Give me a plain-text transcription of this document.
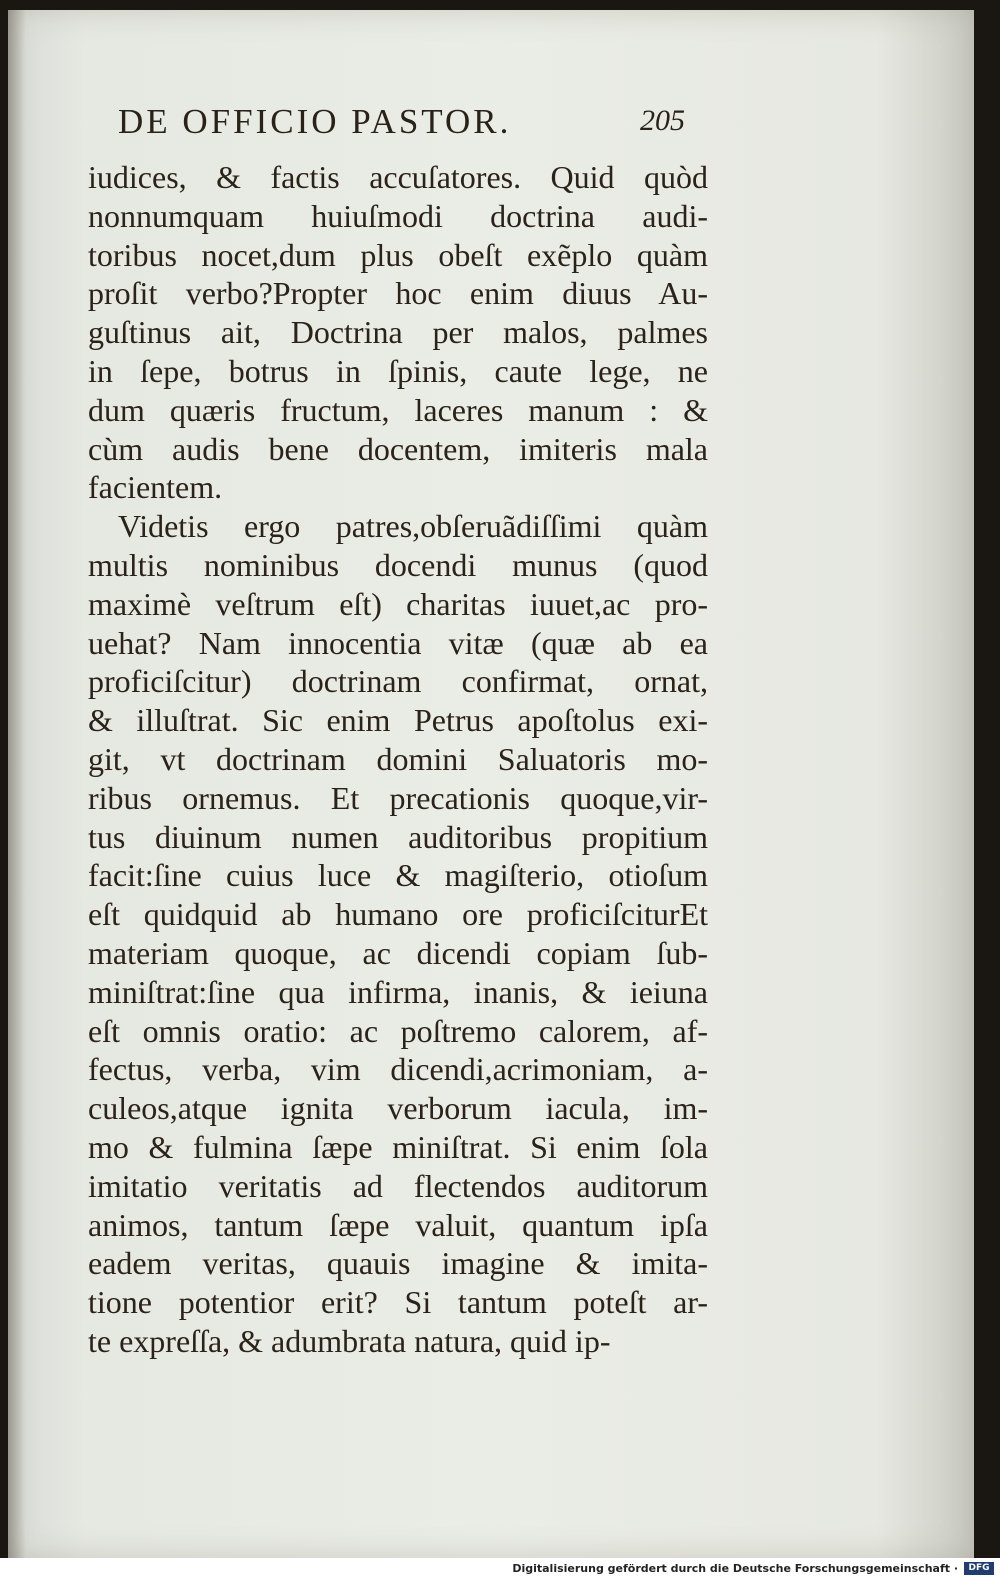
DE OFFICIO PASTOR.	205
iudices, & factis accuſatores. Quid quòd
nonnumquam huiuſmodi doctrina audi-
toribus nocet,dum plus obeſt exẽplo quàm
proſit verbo?Propter hoc enim diuus Au-
guſtinus ait, Doctrina per malos, palmes
in ſepe, botrus in ſpinis, caute lege, ne
dum quæris fructum, laceres manum : &
cùm audis bene docentem, imiteris mala
facientem.
Videtis ergo patres,obſeruãdiſſimi quàm
multis nominibus docendi munus (quod
maximè veſtrum eſt) charitas iuuet,ac pro-
uehat? Nam innocentia vitæ (quæ ab ea
proficiſcitur) doctrinam confirmat, ornat,
& illuſtrat. Sic enim Petrus apoſtolus exi-
git, vt doctrinam domini Saluatoris mo-
ribus ornemus. Et precationis quoque,vir-
tus diuinum numen auditoribus propitium
facit:ſine cuius luce & magiſterio, otioſum
eſt quidquid ab humano ore proficiſciturEt
materiam quoque, ac dicendi copiam ſub-
miniſtrat:ſine qua infirma, inanis, & ieiuna
eſt omnis oratio: ac poſtremo calorem, af-
fectus, verba, vim dicendi,acrimoniam, a-
culeos,atque ignita verborum iacula, im-
mo & fulmina ſæpe miniſtrat. Si enim ſola
imitatio veritatis ad flectendos auditorum
animos, tantum ſæpe valuit, quantum ipſa
eadem veritas, quauis imagine & imita-
tione potentior erit? Si tantum poteſt ar-
te expreſſa, & adumbrata natura, quid ip-
Digitalisierung gefördert durch die Deutsche Forschungsgemeinschaft ·	DFG
